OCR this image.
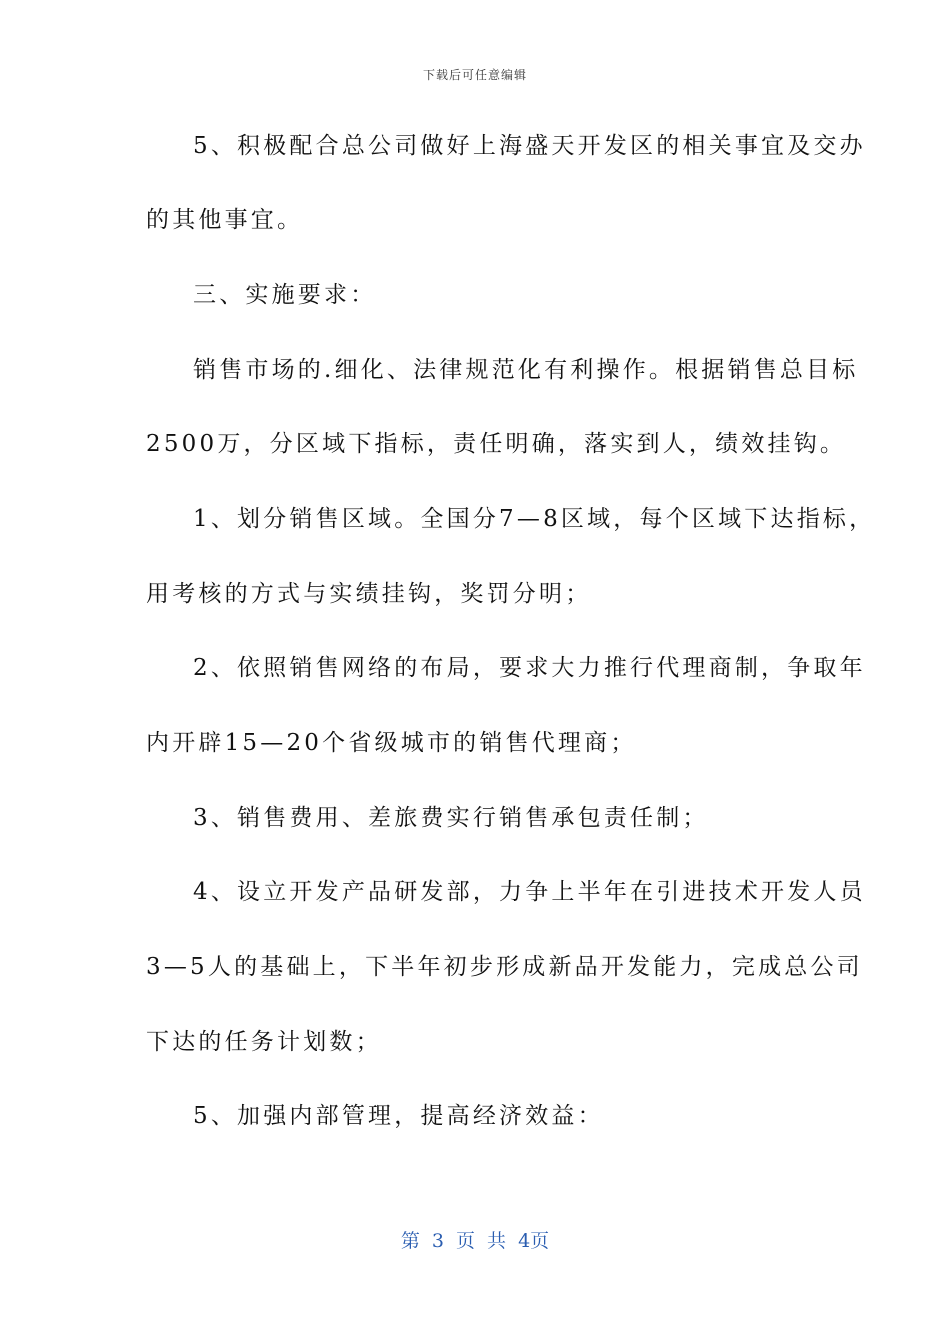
下载后可任意编辑
5、积极配合总公司做好上海盛天开发区的相关事宜及交办
的其他事宜。
三、实施要求：
销售市场的.细化、法律规范化有利操作。根据销售总目标
2500万，分区域下指标，责任明确，落实到人，绩效挂钩。
1、划分销售区域。全国分7—8区域，每个区域下达指标，
用考核的方式与实绩挂钩，奖罚分明；
2、依照销售网络的布局，要求大力推行代理商制，争取年
内开辟15—20个省级城市的销售代理商；
3、销售费用、差旅费实行销售承包责任制；
4、设立开发产品研发部，力争上半年在引进技术开发人员
3—5人的基础上，下半年初步形成新品开发能力，完成总公司
下达的任务计划数；
5、加强内部管理，提高经济效益：
第 3 页 共 4页
